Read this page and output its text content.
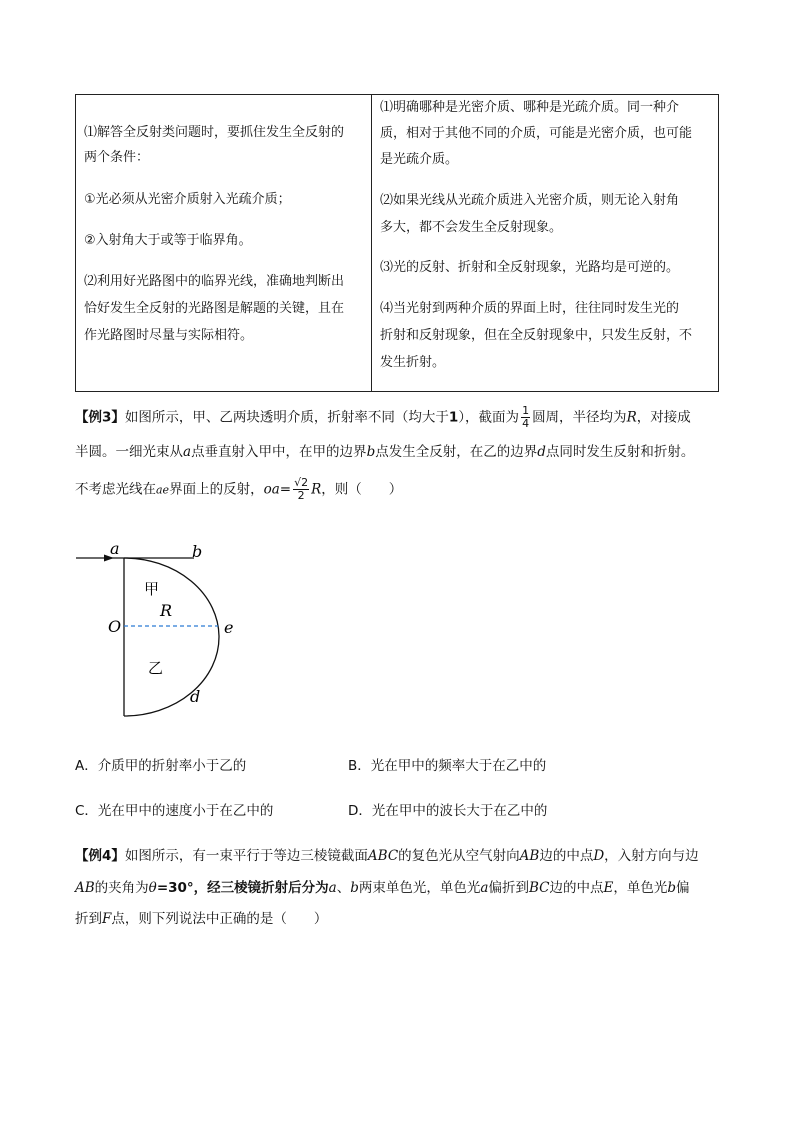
⑴解答全反射类问题时，要抓住发生全反射的
两个条件：
①光必须从光密介质射入光疏介质；
②入射角大于或等于临界角。
⑵利用好光路图中的临界光线，准确地判断出
恰好发生全反射的光路图是解题的关键，且在
作光路图时尽量与实际相符。
⑴明确哪种是光密介质、哪种是光疏介质。同一种介
质，相对于其他不同的介质，可能是光密介质，也可能
是光疏介质。
⑵如果光线从光疏介质进入光密介质，则无论入射角
多大，都不会发生全反射现象。
⑶光的反射、折射和全反射现象，光路均是可逆的。
⑷当光射到两种介质的界面上时，往往同时发生光的
折射和反射现象，但在全反射现象中，只发生反射，不
发生折射。
【例3】如图所示，甲、乙两块透明介质，折射率不同（均大于1），截面为 $\frac{1}{4}$ 圆周，半径均为R，对接成
半圆。一细光束从a点垂直射入甲中，在甲的边界b点发生全反射，在乙的边界d点同时发生反射和折射。
不考虑光线在ae界面上的反射，$oa= \frac{√2}{2}$ R，则（　　）
a	b
甲
R
O	e
乙
d
A．介质甲的折射率小于乙的	B．光在甲中的频率大于在乙中的
C．光在甲中的速度小于在乙中的	D．光在甲中的波长大于在乙中的
【例4】如图所示，有一束平行于等边三棱镜截面ABC的复色光从空气射向AB边的中点D，入射方向与边
AB的夹角为θ=30°，经三棱镜折射后分为a、b两束单色光，单色光a偏折到BC边的中点E，单色光b偏
折到F点，则下列说法中正确的是（　　）
